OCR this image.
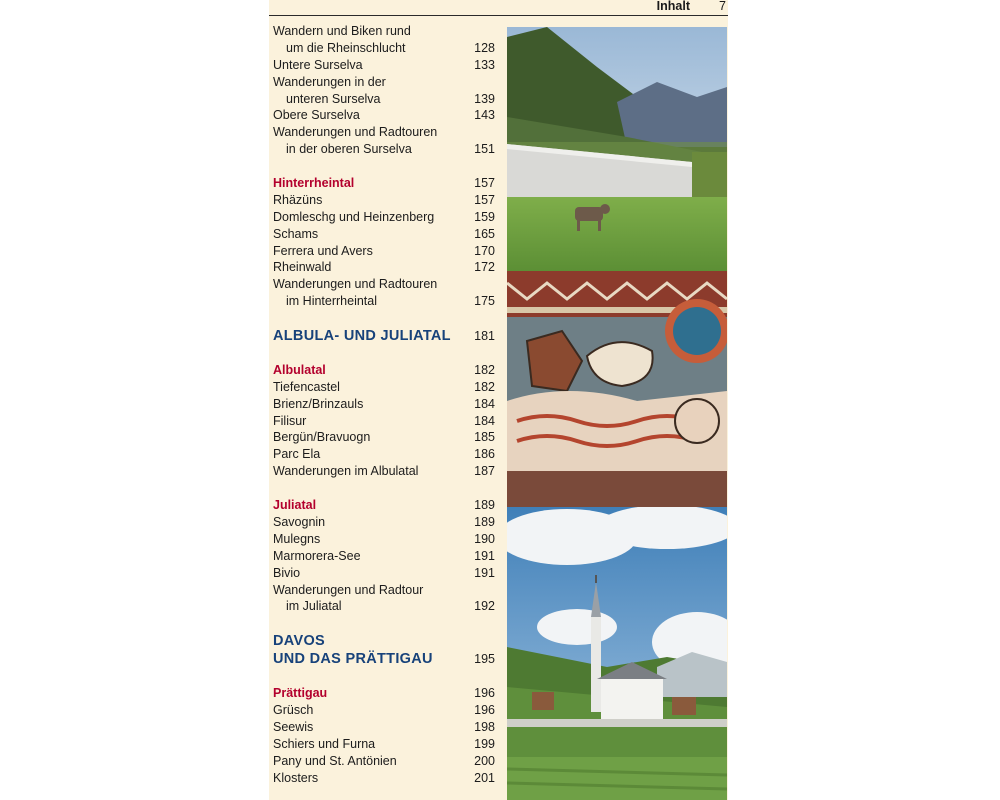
Inhalt 7
Wandern und Biken rund
um die Rheinschlucht	128
Untere Surselva	133
Wanderungen in der
unteren Surselva	139
Obere Surselva	143
Wanderungen und Radtouren
in der oberen Surselva	151
Hinterrheintal	157
Rhäzüns	157
Domleschg und Heinzenberg	159
Schams	165
Ferrera und Avers	170
Rheinwald	172
Wanderungen und Radtouren
im Hinterrheintal	175
ALBULA- UND JULIATAL 181
Albulatal	182
Tiefencastel	182
Brienz/Brinzauls	184
Filisur	184
Bergün/Bravuogn	185
Parc Ela	186
Wanderungen im Albulatal	187
Juliatal	189
Savognin	189
Mulegns	190
Marmorera-See	191
Bivio	191
Wanderungen und Radtour
im Juliatal	192
DAVOS
UND DAS PRÄTTIGAU	195
Prättigau	196
Grüsch	196
Seewis	198
Schiers und Furna	199
Pany und St. Antönien	200
Klosters	201
